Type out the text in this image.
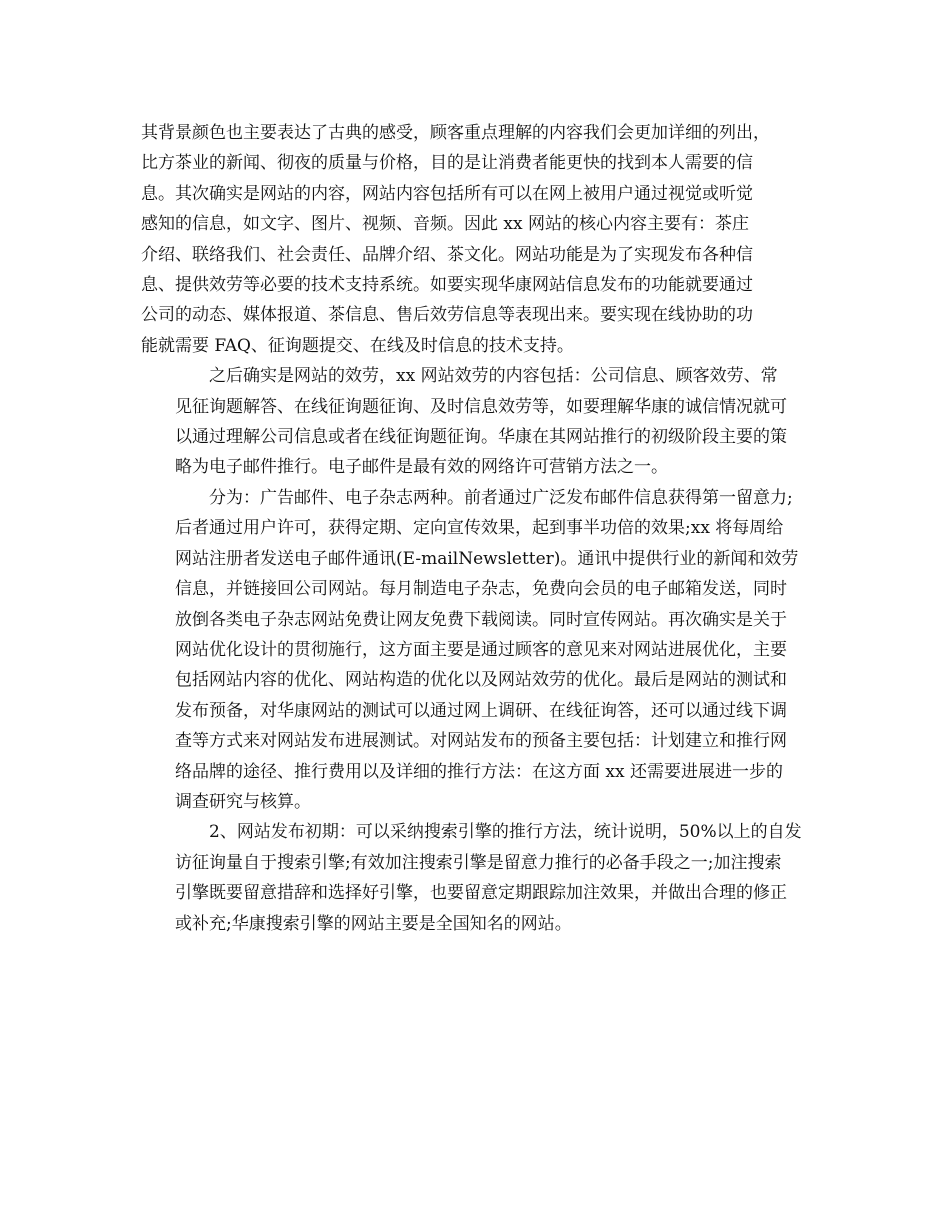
其背景颜色也主要表达了古典的感受，顾客重点理解的内容我们会更加详细的列出，
比方茶业的新闻、彻夜的质量与价格，目的是让消费者能更快的找到本人需要的信
息。其次确实是网站的内容，网站内容包括所有可以在网上被用户通过视觉或听觉
感知的信息，如文字、图片、视频、音频。因此 xx 网站的核心内容主要有：茶庄
介绍、联络我们、社会责任、品牌介绍、茶文化。网站功能是为了实现发布各种信
息、提供效劳等必要的技术支持系统。如要实现华康网站信息发布的功能就要通过
公司的动态、媒体报道、茶信息、售后效劳信息等表现出来。要实现在线协助的功
能就需要 FAQ、征询题提交、在线及时信息的技术支持。

之后确实是网站的效劳，xx 网站效劳的内容包括：公司信息、顾客效劳、常
见征询题解答、在线征询题征询、及时信息效劳等，如要理解华康的诚信情况就可
以通过理解公司信息或者在线征询题征询。华康在其网站推行的初级阶段主要的策
略为电子邮件推行。电子邮件是最有效的网络许可营销方法之一。

分为：广告邮件、电子杂志两种。前者通过广泛发布邮件信息获得第一留意力;
后者通过用户许可，获得定期、定向宣传效果，起到事半功倍的效果;xx 将每周给
网站注册者发送电子邮件通讯(E-mailNewsletter)。通讯中提供行业的新闻和效劳
信息，并链接回公司网站。每月制造电子杂志，免费向会员的电子邮箱发送，同时
放倒各类电子杂志网站免费让网友免费下载阅读。同时宣传网站。再次确实是关于
网站优化设计的贯彻施行，这方面主要是通过顾客的意见来对网站进展优化，主要
包括网站内容的优化、网站构造的优化以及网站效劳的优化。最后是网站的测试和
发布预备，对华康网站的测试可以通过网上调研、在线征询答，还可以通过线下调
查等方式来对网站发布进展测试。对网站发布的预备主要包括：计划建立和推行网
络品牌的途径、推行费用以及详细的推行方法：在这方面 xx 还需要进展进一步的
调查研究与核算。

2、网站发布初期：可以采纳搜索引擎的推行方法，统计说明，50%以上的自发
访征询量自于搜索引擎;有效加注搜索引擎是留意力推行的必备手段之一;加注搜索
引擎既要留意措辞和选择好引擎，也要留意定期跟踪加注效果，并做出合理的修正
或补充;华康搜索引擎的网站主要是全国知名的网站。
